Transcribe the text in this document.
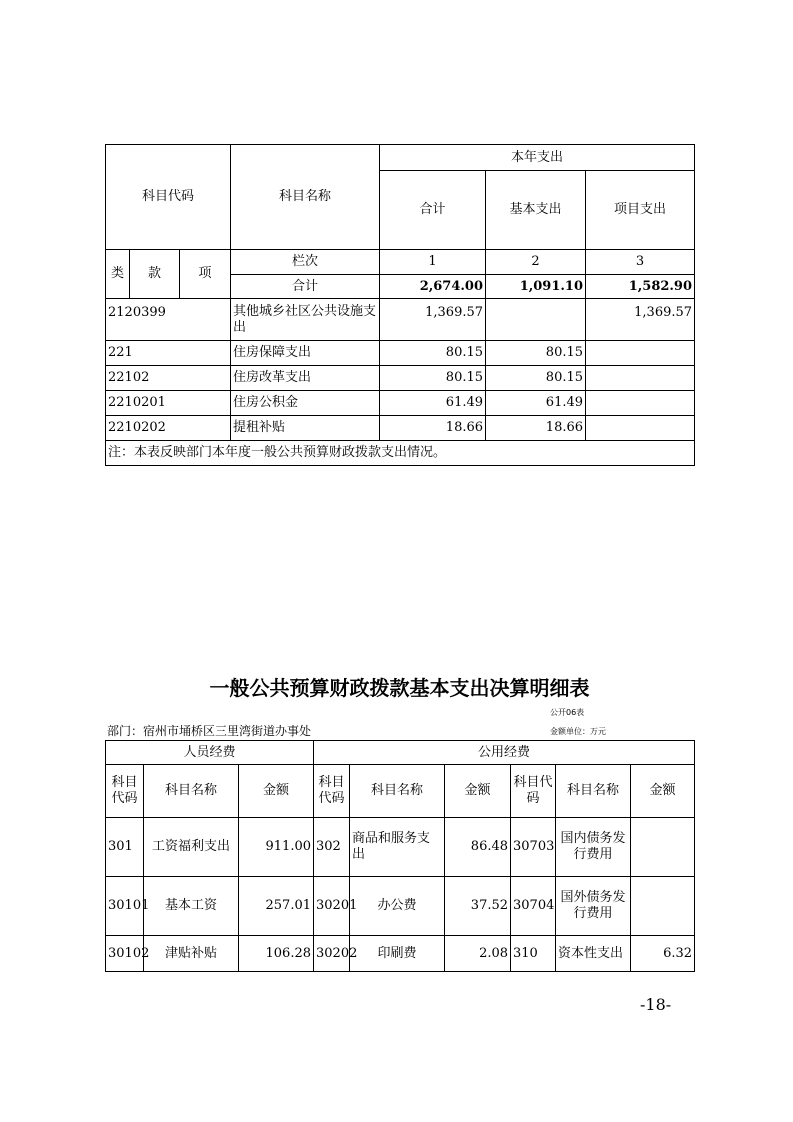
科目代码			科目名称	本年支出		
				合计	基本支出	项目支出
类	款	项	栏次	1	2	3
			合计	2,674.00	1,091.10	1,582.90
2120399			其他城乡社区公共设施支出	1,369.57		1,369.57
221			住房保障支出	80.15	80.15	
22102			住房改革支出	80.15	80.15	
2210201			住房公积金	61.49	61.49	
2210202			提租补贴	18.66	18.66	
注：本表反映部门本年度一般公共预算财政拨款支出情况。						
一般公共预算财政拨款基本支出决算明细表
公开06表
金额单位：万元
部门：宿州市埇桥区三里湾街道办事处
人员经费			公用经费					
科目代码	科目名称	金额	科目代码	科目名称	金额	科目代码	科目名称	金额
301	工资福利支出	911.00	302	商品和服务支出	86.48	30703	国内债务发行费用	
30101	基本工资	257.01	30201	办公费	37.52	30704	国外债务发行费用	
30102	津贴补贴	106.28	30202	印刷费	2.08	310	资本性支出	6.32
-18-
